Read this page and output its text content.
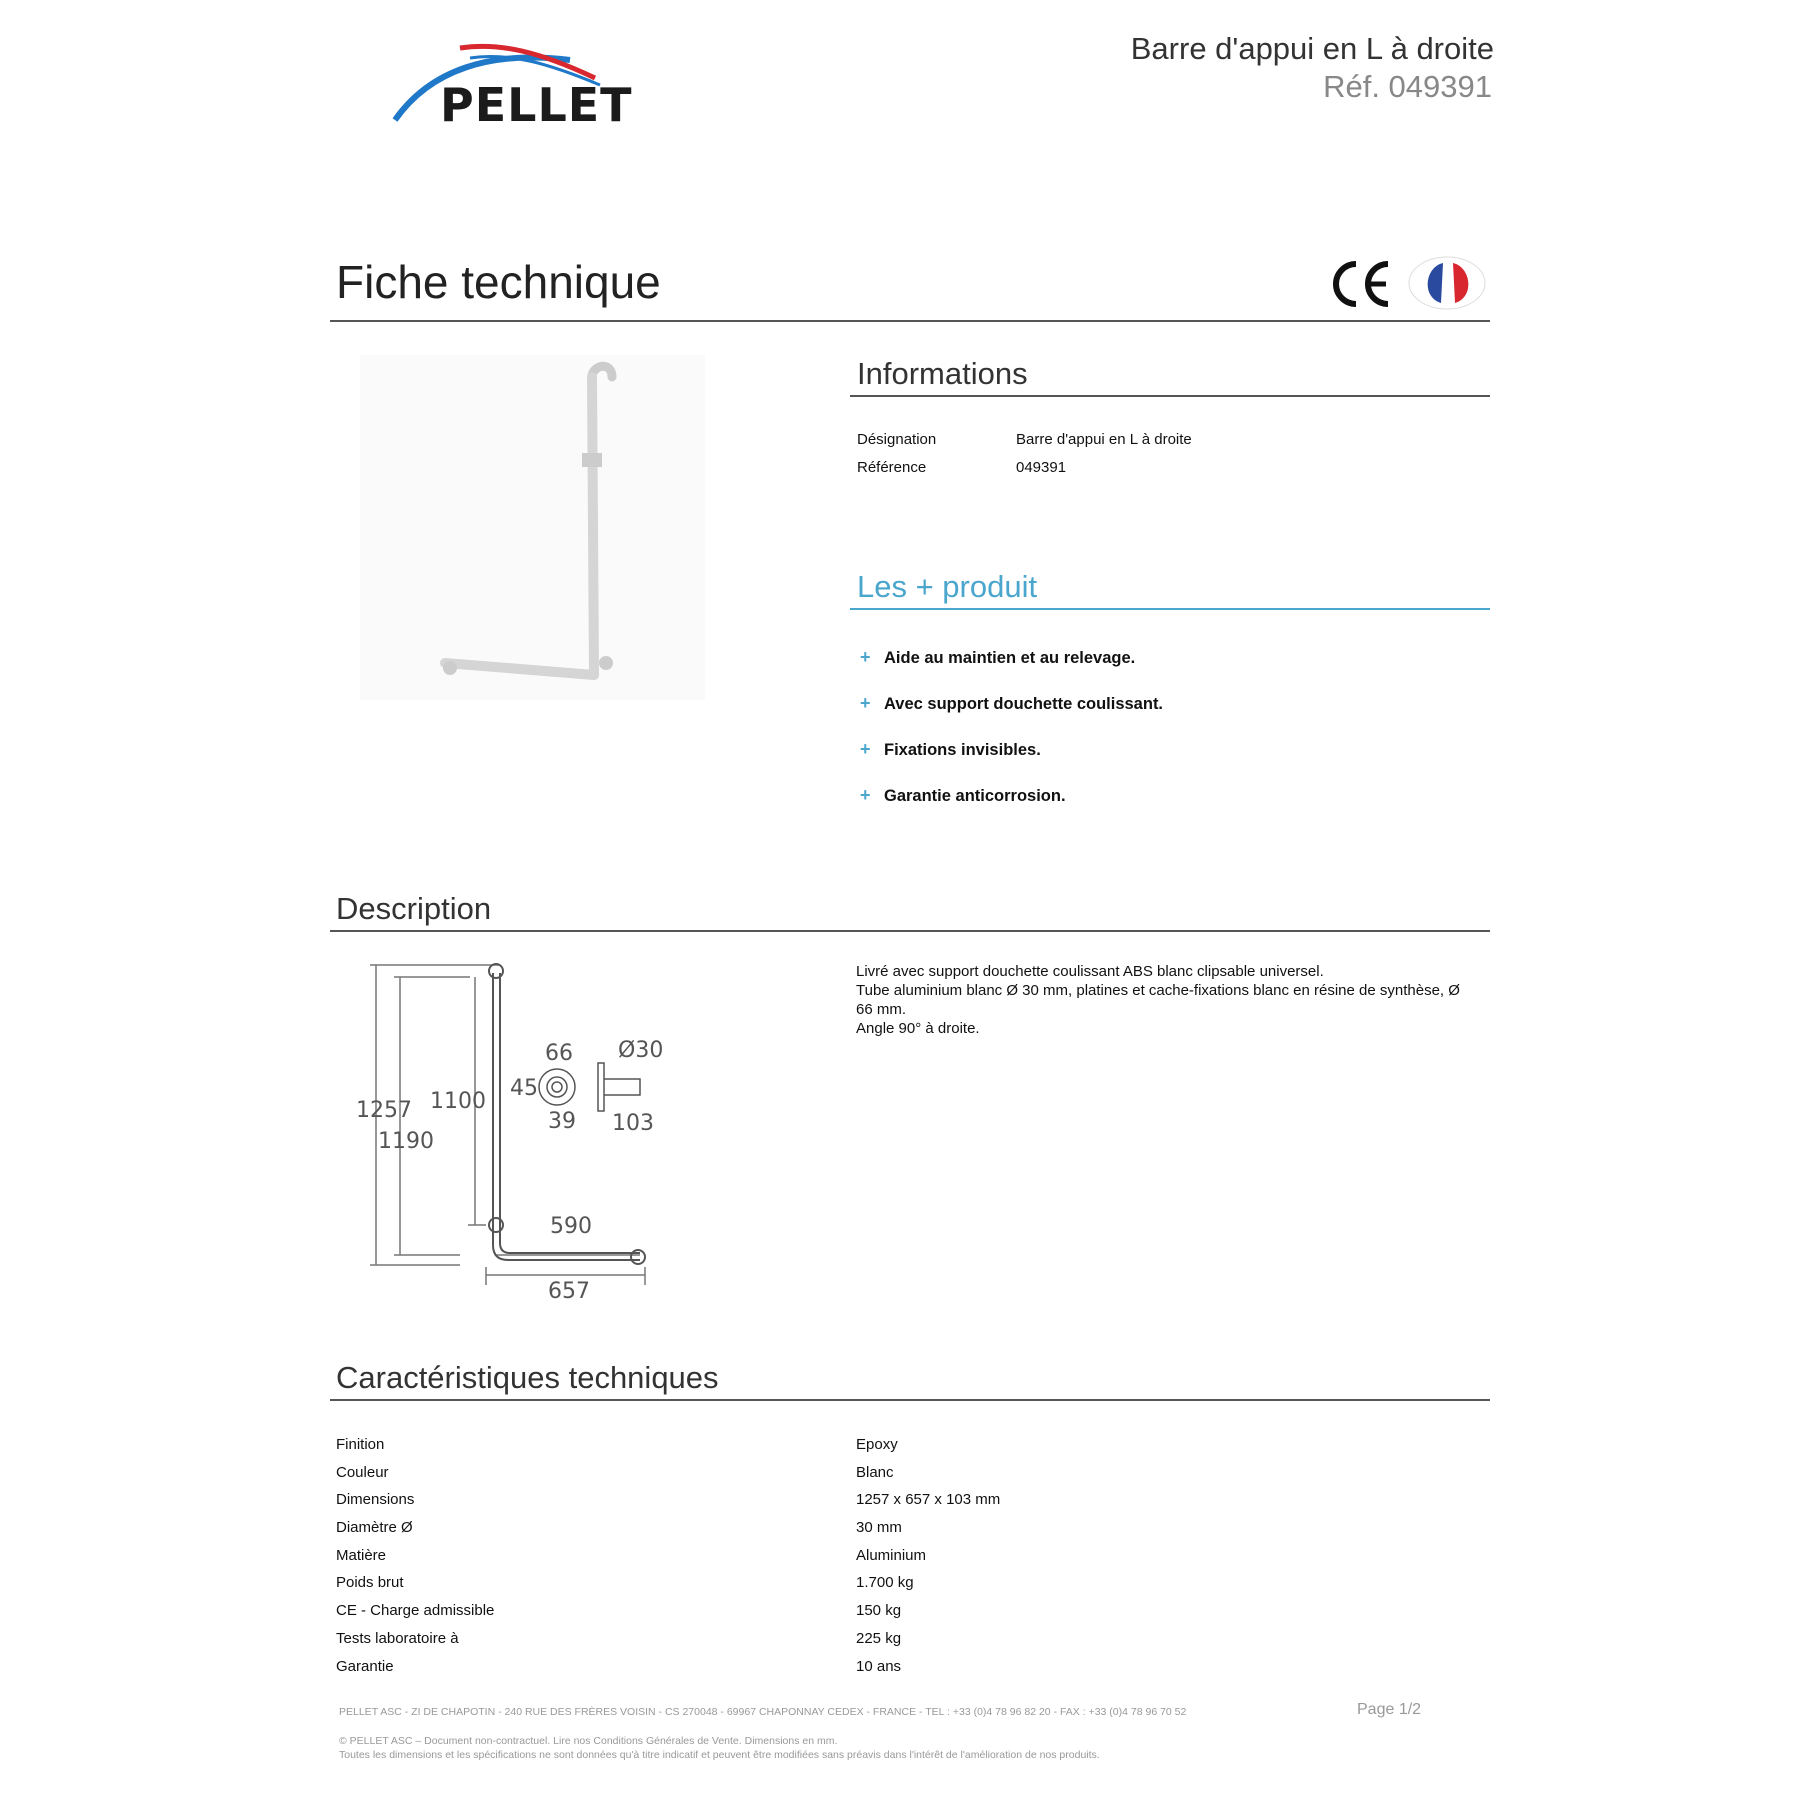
PELLET
Barre d'appui en L à droite
Réf. 049391
Fiche technique
Informations
Désignation	Barre d'appui en L à droite
Référence	049391
Les + produit
+ Aide au maintien et au relevage.
+ Avec support douchette coulissant.
+ Fixations invisibles.
+ Garantie anticorrosion.
Description
1257
1190
1100
66
45
39
Ø30
103
590
657
Livré avec support douchette coulissant ABS blanc clipsable universel.
Tube aluminium blanc Ø 30 mm, platines et cache-fixations blanc en résine de synthèse, Ø 66 mm.
Angle 90° à droite.
Caractéristiques techniques
Finition	Epoxy
Couleur	Blanc
Dimensions	1257 x 657 x 103 mm
Diamètre Ø	30 mm
Matière	Aluminium
Poids brut	1.700 kg
CE - Charge admissible	150 kg
Tests laboratoire à	225 kg
Garantie	10 ans
PELLET ASC - ZI DE CHAPOTIN - 240 RUE DES FRÈRES VOISIN - CS 270048 - 69967 CHAPONNAY CEDEX - FRANCE - TEL : +33 (0)4 78 96 82 20 - FAX : +33 (0)4 78 96 70 52	Page 1/2
© PELLET ASC – Document non-contractuel. Lire nos Conditions Générales de Vente. Dimensions en mm.
Toutes les dimensions et les spécifications ne sont données qu'à titre indicatif et peuvent être modifiées sans préavis dans l'intérêt de l'amélioration de nos produits.
